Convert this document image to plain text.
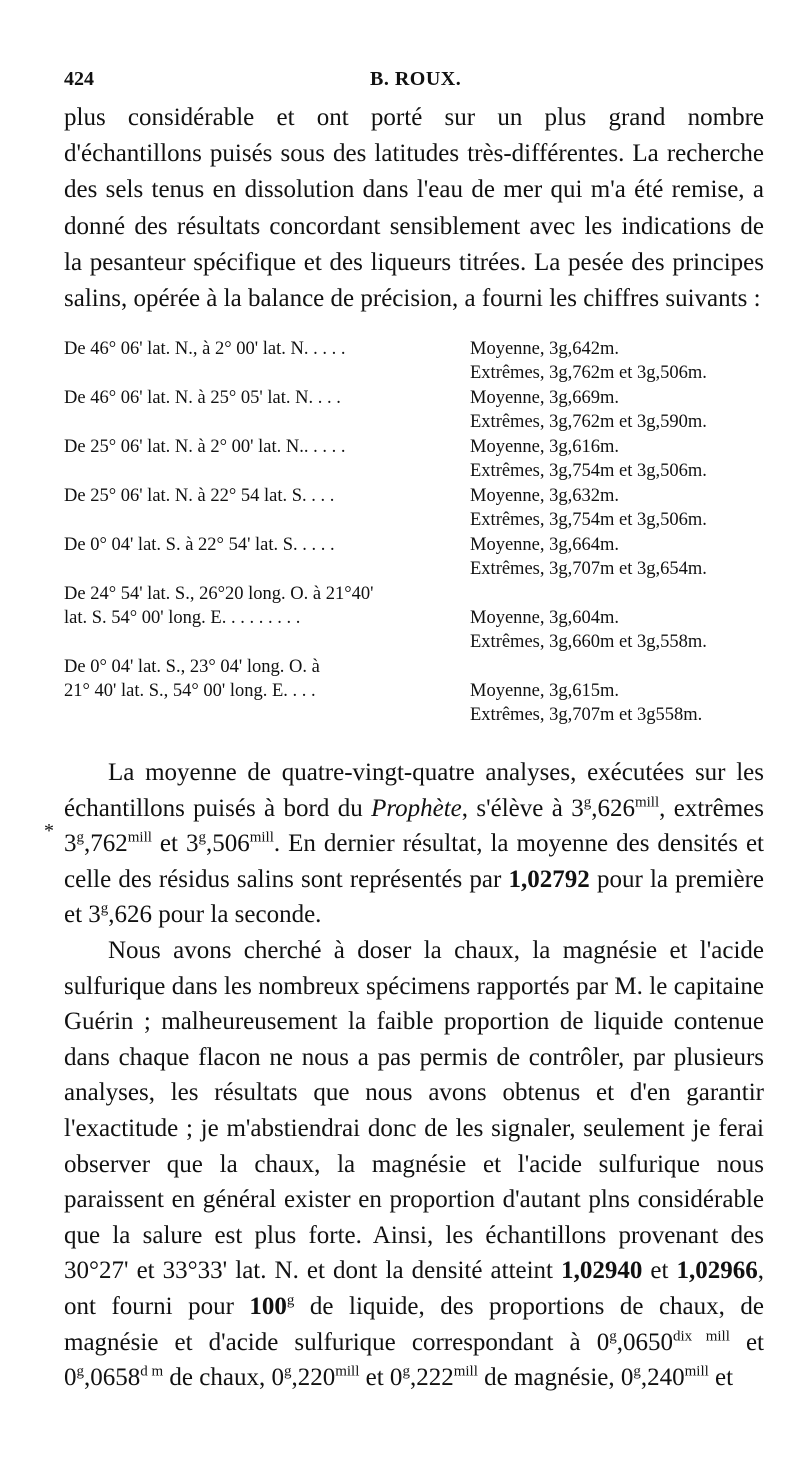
424	B. ROUX.

plus considérable et ont porté sur un plus grand nombre d'échantillons puisés sous des latitudes très-différentes. La recherche des sels tenus en dissolution dans l'eau de mer qui m'a été remise, a donné des résultats concordant sensiblement avec les indications de la pesanteur spécifique et des liqueurs titrées. La pesée des principes salins, opérée à la balance de précision, a fourni les chiffres suivants :

De 46° 06' lat. N., à 2° 00' lat. N. . . . .	Moyenne, 3g,642m.
Extrêmes, 3g,762m et 3g,506m.
De 46° 06' lat. N. à 25° 05' lat. N. . . .	Moyenne, 3g,669m.
Extrêmes, 3g,762m et 3g,590m.
De 25° 06' lat. N. à 2° 00' lat. N.. . . . .	Moyenne, 3g,616m.
Extrêmes, 3g,754m et 3g,506m.
De 25° 06' lat. N. à 22° 54 lat. S. . . .	Moyenne, 3g,632m.
Extrêmes, 3g,754m et 3g,506m.
De 0° 04' lat. S. à 22° 54' lat. S. . . . .	Moyenne, 3g,664m.
Extrêmes, 3g,707m et 3g,654m.
De 24° 54' lat. S., 26°20 long. O. à 21°40'
lat. S. 54° 00' long. E. . . . . . . . .	Moyenne, 3g,604m.
Extrêmes, 3g,660m et 3g,558m.
De 0° 04' lat. S., 23° 04' long. O. à
21° 40' lat. S., 54° 00' long. E. . . .	Moyenne, 3g,615m.
Extrêmes, 3g,707m et 3g558m.
*

La moyenne de quatre-vingt-quatre analyses, exécutées sur les échantillons puisés à bord du Prophète, s'élève à $3^g,626^{mill}$, extrêmes $3^g,762^{mill}$ et $3^g,506^{mill}$. En dernier résultat, la moyenne des densités et celle des résidus salins sont représentés par 1,02792 pour la première et 3$^g$,626 pour la seconde.

Nous avons cherché à doser la chaux, la magnésie et l'acide sulfurique dans les nombreux spécimens rapportés par M. le capitaine Guérin ; malheureusement la faible proportion de liquide contenue dans chaque flacon ne nous a pas permis de contrôler, par plusieurs analyses, les résultats que nous avons obtenus et d'en garantir l'exactitude ; je m'abstiendrai donc de les signaler, seulement je ferai observer que la chaux, la magnésie et l'acide sulfurique nous paraissent en général exister en proportion d'autant plns considérable que la salure est plus forte. Ainsi, les échantillons provenant des 30°27' et 33°33' lat. N. et dont la densité atteint 1,02940 et 1,02966, ont fourni pour 100$^g$ de liquide, des proportions de chaux, de magnésie et d'acide sulfurique correspondant à $0^g,0650^{dix mill}$ et $0^g,0658^{d m}$ de chaux, $0^g,220^{mill}$ et $0^g,222^{mill}$ de magnésie, $0^g,240^{mill}$ et
